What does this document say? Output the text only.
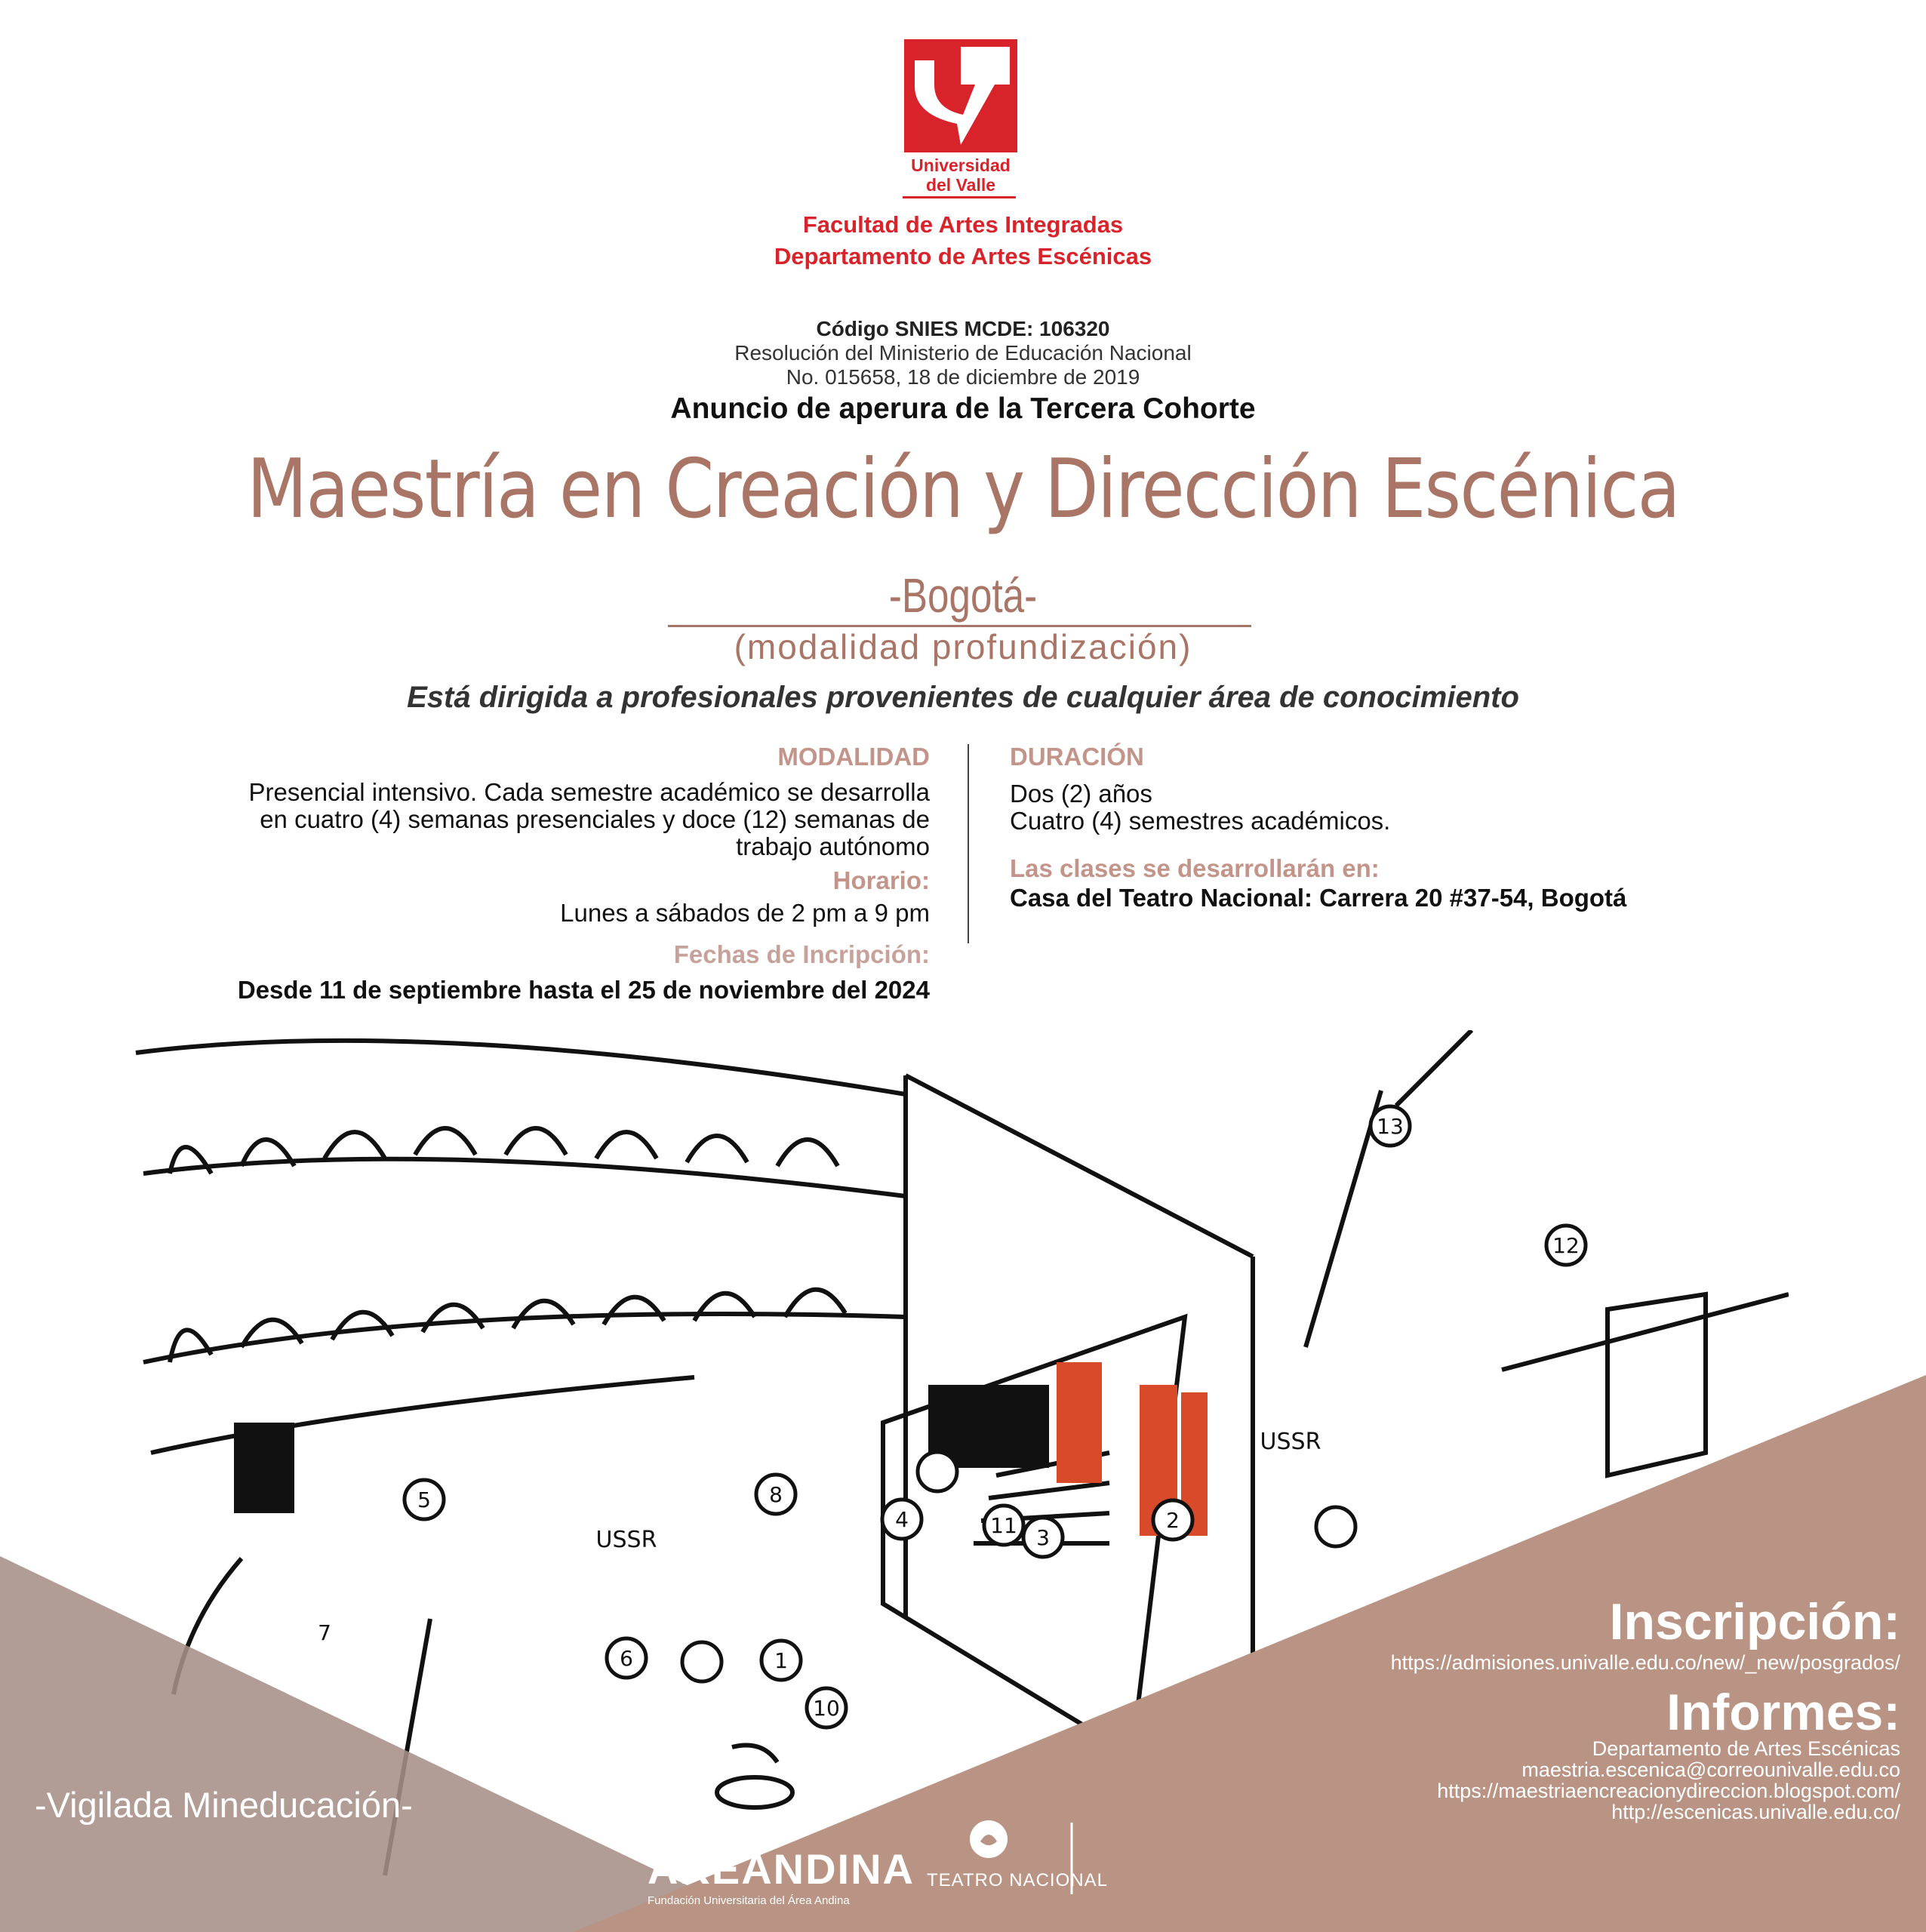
Universidad
del Valle
Facultad de Artes Integradas
Departamento de Artes Escénicas
Código SNIES MCDE: 106320
Resolución del Ministerio de Educación Nacional
No. 015658, 18 de diciembre de 2019
Anuncio de aperura de la Tercera Cohorte
Maestría en Creación y Dirección Escénica
-Bogotá-
(modalidad profundización)
Está dirigida a profesionales provenientes de cualquier área de conocimiento
MODALIDAD
Presencial intensivo. Cada semestre académico se desarrolla
en cuatro (4) semanas presenciales y doce (12) semanas de
trabajo autónomo
Horario:
Lunes a sábados de 2 pm a 9 pm
Fechas de Incripción:
Desde 11 de septiembre hasta el 25 de noviembre del 2024
DURACIÓN
Dos (2) años
Cuatro (4) semestres académicos.
Las clases se desarrollarán en:
Casa del Teatro Nacional: Carrera 20 #37-54, Bogotá
5
4
3
11	2
8
12
13
1
6
10
7
USSR
USSR
Inscripción:
https://admisiones.univalle.edu.co/new/_new/posgrados/
Informes:
Departamento de Artes Escénicas
maestria.escenica@correounivalle.edu.co
https://maestriaencreacionydireccion.blogspot.com/
http://escenicas.univalle.edu.co/
-Vigilada Mineducación-
AREANDINA
Fundación Universitaria del Área Andina
TEATRO NACIONAL
